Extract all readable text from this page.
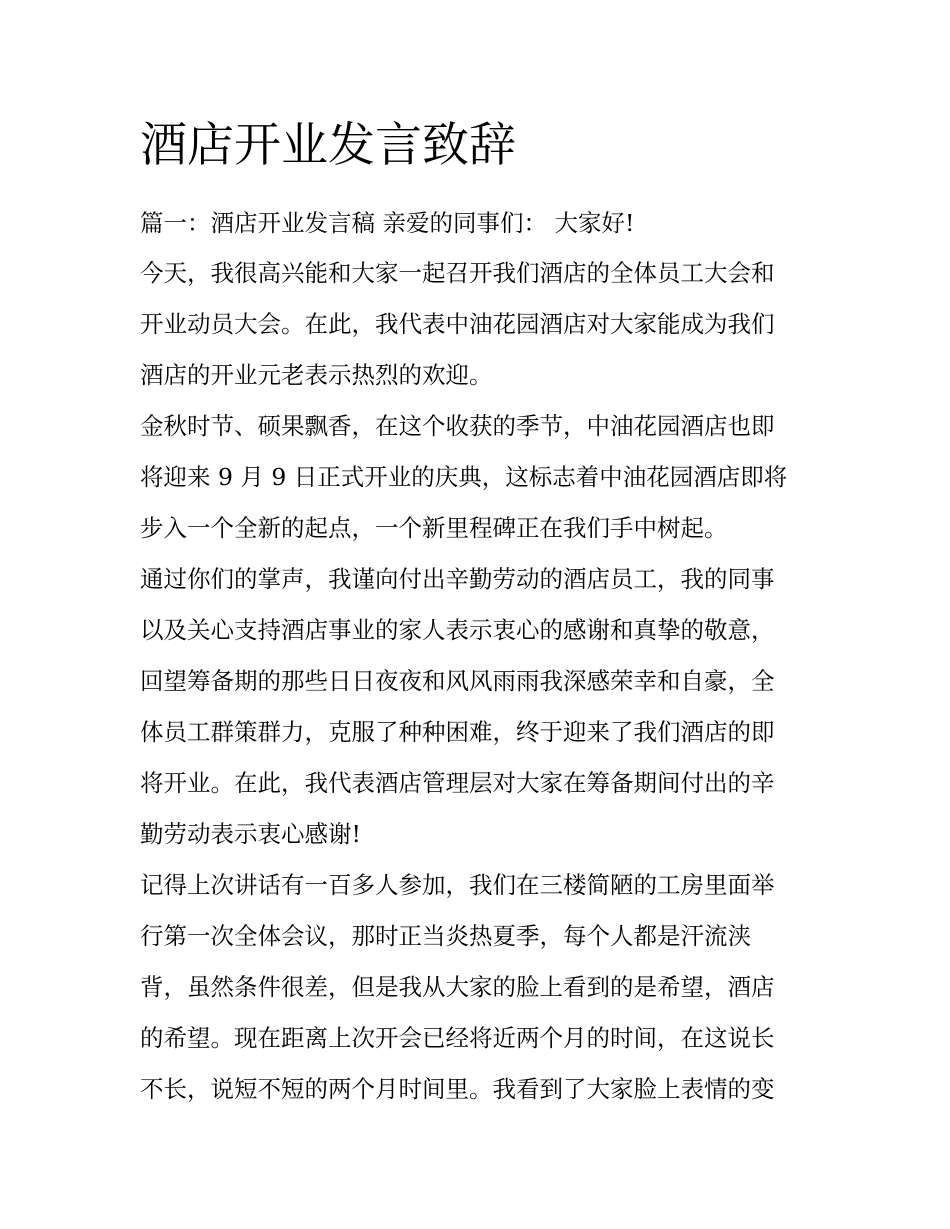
酒店开业发言致辞

篇一：酒店开业发言稿 亲爱的同事们： 大家好!

今天，我很高兴能和大家一起召开我们酒店的全体员工大会和

开业动员大会。在此，我代表中油花园酒店对大家能成为我们

酒店的开业元老表示热烈的欢迎。

金秋时节、硕果飘香，在这个收获的季节，中油花园酒店也即

将迎来 9 月 9 日正式开业的庆典，这标志着中油花园酒店即将

步入一个全新的起点，一个新里程碑正在我们手中树起。

通过你们的掌声，我谨向付出辛勤劳动的酒店员工，我的同事

以及关心支持酒店事业的家人表示衷心的感谢和真挚的敬意，

回望筹备期的那些日日夜夜和风风雨雨我深感荣幸和自豪，全

体员工群策群力，克服了种种困难，终于迎来了我们酒店的即

将开业。在此，我代表酒店管理层对大家在筹备期间付出的辛

勤劳动表示衷心感谢!

记得上次讲话有一百多人参加，我们在三楼简陋的工房里面举

行第一次全体会议，那时正当炎热夏季，每个人都是汗流浃

背，虽然条件很差，但是我从大家的脸上看到的是希望，酒店

的希望。现在距离上次开会已经将近两个月的时间，在这说长

不长，说短不短的两个月时间里。我看到了大家脸上表情的变
